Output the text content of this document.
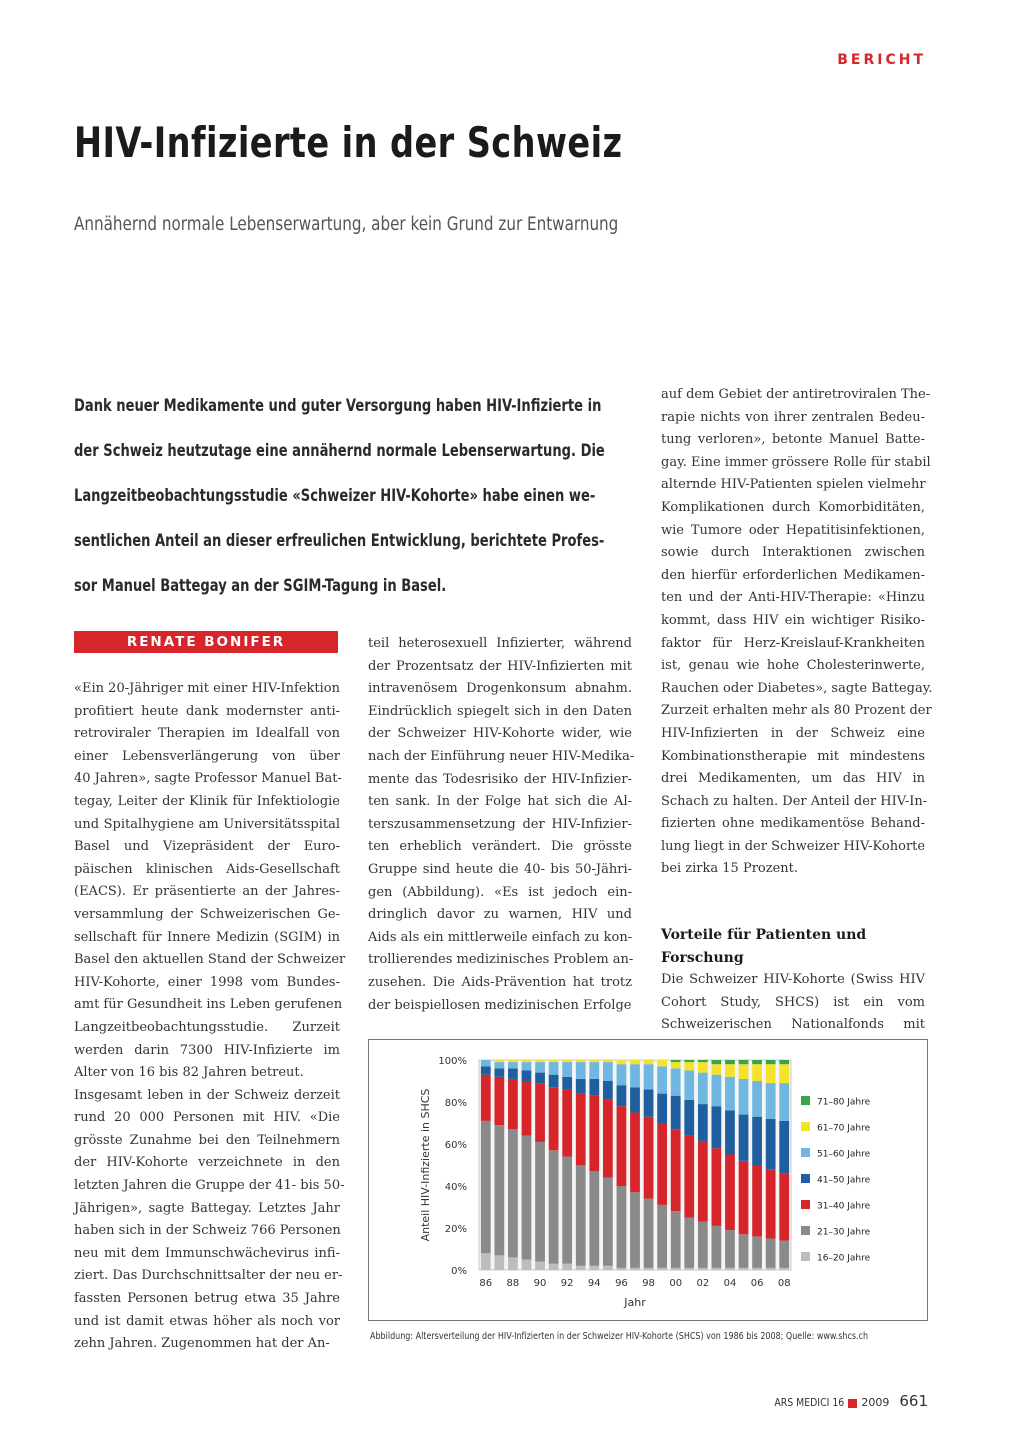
BERICHT
HIV-Infizierte in der Schweiz
Annähernd normale Lebenserwartung, aber kein Grund zur Entwarnung
Dank neuer Medikamente und guter Versorgung haben HIV-Infizierte in
der Schweiz heutzutage eine annähernd normale Lebenserwartung. Die
Langzeitbeobachtungsstudie «Schweizer HIV-Kohorte» habe einen we-
sentlichen Anteil an dieser erfreulichen Entwicklung, berichtete Profes-
sor Manuel Battegay an der SGIM-Tagung in Basel.
RENATE BONIFER
«Ein 20-Jähriger mit einer HIV-Infektion
profitiert heute dank modernster anti-
retroviraler Therapien im Idealfall von
einer Lebensverlängerung von über
40 Jahren», sagte Professor Manuel Bat-
tegay, Leiter der Klinik für Infektiologie
und Spitalhygiene am Universitätsspital
Basel und Vizepräsident der Euro-
päischen klinischen Aids-Gesellschaft
(EACS). Er präsentierte an der Jahres-
versammlung der Schweizerischen Ge-
sellschaft für Innere Medizin (SGIM) in
Basel den aktuellen Stand der Schweizer
HIV-Kohorte, einer 1998 vom Bundes-
amt für Gesundheit ins Leben gerufenen
Langzeitbeobachtungsstudie. Zurzeit
werden darin 7300 HIV-Infizierte im
Alter von 16 bis 82 Jahren betreut.
Insgesamt leben in der Schweiz derzeit
rund 20 000 Personen mit HIV. «Die
grösste Zunahme bei den Teilnehmern
der HIV-Kohorte verzeichnete in den
letzten Jahren die Gruppe der 41- bis 50-
Jährigen», sagte Battegay. Letztes Jahr
haben sich in der Schweiz 766 Personen
neu mit dem Immunschwächevirus infi-
ziert. Das Durchschnittsalter der neu er-
fassten Personen betrug etwa 35 Jahre
und ist damit etwas höher als noch vor
zehn Jahren. Zugenommen hat der An-
teil heterosexuell Infizierter, während
der Prozentsatz der HIV-Infizierten mit
intravenösem Drogenkonsum abnahm.
Eindrücklich spiegelt sich in den Daten
der Schweizer HIV-Kohorte wider, wie
nach der Einführung neuer HIV-Medika-
mente das Todesrisiko der HIV-Infizier-
ten sank. In der Folge hat sich die Al-
terszusammensetzung der HIV-Infizier-
ten erheblich verändert. Die grösste
Gruppe sind heute die 40- bis 50-Jähri-
gen (Abbildung). «Es ist jedoch ein-
dringlich davor zu warnen, HIV und
Aids als ein mittlerweile einfach zu kon-
trollierendes medizinisches Problem an-
zusehen. Die Aids-Prävention hat trotz
der beispiellosen medizinischen Erfolge
auf dem Gebiet der antiretroviralen The-
rapie nichts von ihrer zentralen Bedeu-
tung verloren», betonte Manuel Batte-
gay. Eine immer grössere Rolle für stabil
alternde HIV-Patienten spielen vielmehr
Komplikationen durch Komorbiditäten,
wie Tumore oder Hepatitisinfektionen,
sowie durch Interaktionen zwischen
den hierfür erforderlichen Medikamen-
ten und der Anti-HIV-Therapie: «Hinzu
kommt, dass HIV ein wichtiger Risiko-
faktor für Herz-Kreislauf-Krankheiten
ist, genau wie hohe Cholesterinwerte,
Rauchen oder Diabetes», sagte Battegay.
Zurzeit erhalten mehr als 80 Prozent der
HIV-Infizierten in der Schweiz eine
Kombinationstherapie mit mindestens
drei Medikamenten, um das HIV in
Schach zu halten. Der Anteil der HIV-In-
fizierten ohne medikamentöse Behand-
lung liegt in der Schweizer HIV-Kohorte
bei zirka 15 Prozent.
Vorteile für Patienten und
Forschung
Die Schweizer HIV-Kohorte (Swiss HIV
Cohort Study, SHCS) ist ein vom
Schweizerischen Nationalfonds mit
0%
20%
40%
60%
80%
100%
86 88 90 92 94 96 98 00 02 04 06 08
Jahr
Anteil HIV-Infizierte in SHCS	71–80 Jahre
61–70 Jahre
51–60 Jahre
41–50 Jahre
31–40 Jahre
21–30 Jahre
16–20 Jahre
Abbildung: Altersverteilung der HIV-Infizierten in der Schweizer HIV-Kohorte (SHCS) von 1986 bis 2008; Quelle: www.shcs.ch
ARS MEDICI 16 2009 661
